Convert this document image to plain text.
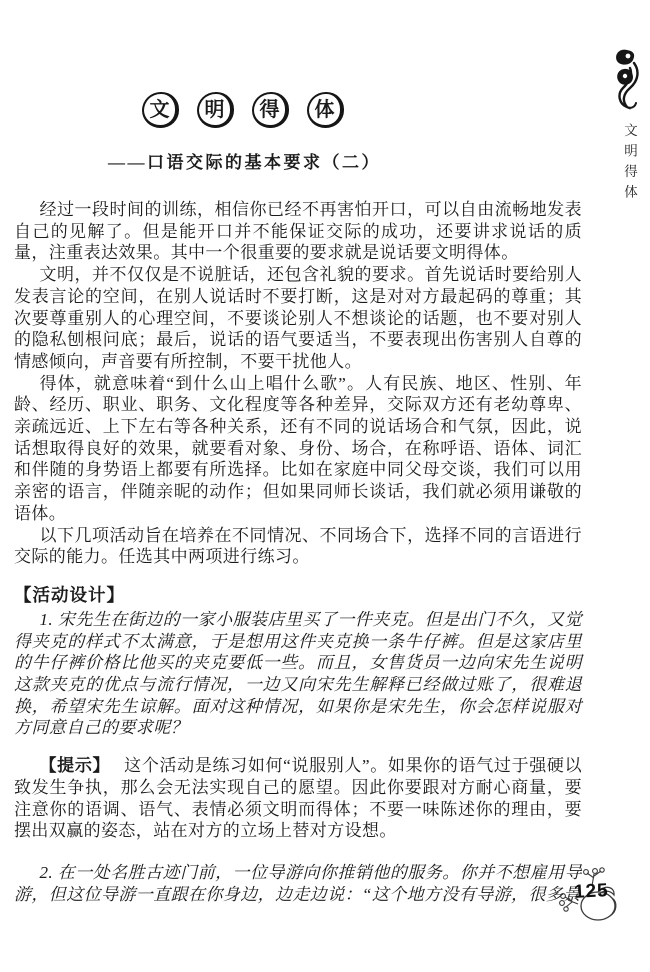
文明得体
文	明	得	体
——口语交际的基本要求（二）

经过一段时间的训练，相信你已经不再害怕开口，可以自由流畅地发表自己的见解了。但是能开口并不能保证交际的成功，还要讲求说话的质量，注重表达效果。其中一个很重要的要求就是说话要文明得体。

文明，并不仅仅是不说脏话，还包含礼貌的要求。首先说话时要给别人发表言论的空间，在别人说话时不要打断，这是对对方最起码的尊重；其次要尊重别人的心理空间，不要谈论别人不想谈论的话题，也不要对别人的隐私刨根问底；最后，说话的语气要适当，不要表现出伤害别人自尊的情感倾向，声音要有所控制，不要干扰他人。

得体，就意味着“到什么山上唱什么歌”。人有民族、地区、性别、年龄、经历、职业、职务、文化程度等各种差异，交际双方还有老幼尊卑、亲疏远近、上下左右等各种关系，还有不同的说话场合和气氛，因此，说话想取得良好的效果，就要看对象、身份、场合，在称呼语、语体、词汇和伴随的身势语上都要有所选择。比如在家庭中同父母交谈，我们可以用亲密的语言，伴随亲昵的动作；但如果同师长谈话，我们就必须用谦敬的语体。

以下几项活动旨在培养在不同情况、不同场合下，选择不同的言语进行交际的能力。任选其中两项进行练习。

【活动设计】

1. 宋先生在街边的一家小服装店里买了一件夹克。但是出门不久，又觉得夹克的样式不太满意，于是想用这件夹克换一条牛仔裤。但是这家店里的牛仔裤价格比他买的夹克要低一些。而且，女售货员一边向宋先生说明这款夹克的优点与流行情况，一边又向宋先生解释已经做过账了，很难退换，希望宋先生谅解。面对这种情况，如果你是宋先生，你会怎样说服对方同意自己的要求呢？

【提示】 这个活动是练习如何“说服别人”。如果你的语气过于强硬以致发生争执，那么会无法实现自己的愿望。因此你要跟对方耐心商量，要注意你的语调、语气、表情必须文明而得体；不要一味陈述你的理由，要摆出双赢的姿态，站在对方的立场上替对方设想。

2. 在一处名胜古迹门前，一位导游向你推销他的服务。你并不想雇用导游，但这位导游一直跟在你身边，边走边说：“这个地方没有导游，很多景

125
